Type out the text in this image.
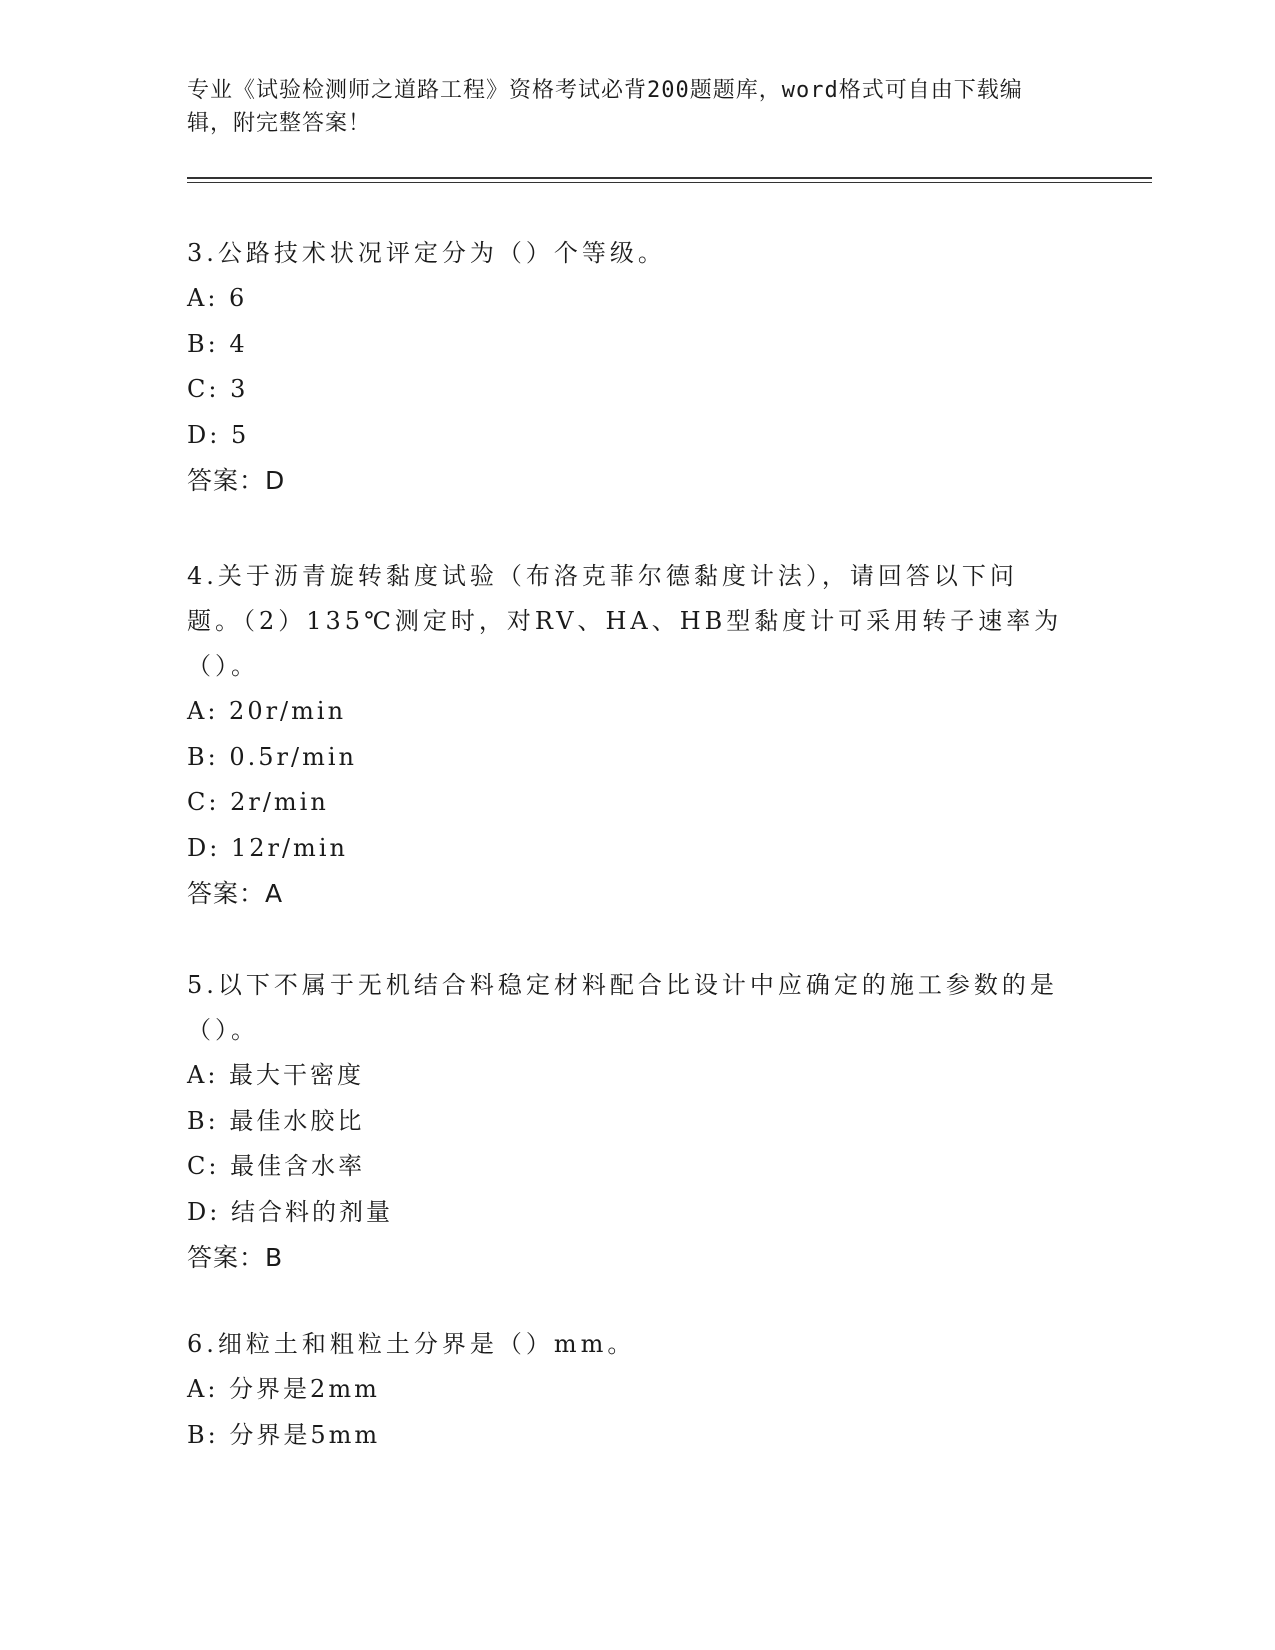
专业《试验检测师之道路工程》资格考试必背200题题库，word格式可自由下载编辑，附完整答案！

3.公路技术状况评定分为（）个等级。

A: 6

B: 4

C: 3

D: 5

答案：D

4.关于沥青旋转黏度试验（布洛克菲尔德黏度计法），请回答以下问题。（2）135℃测定时，对RV、HA、HB型黏度计可采用转子速率为（）。

A: 20r/min

B: 0.5r/min

C: 2r/min

D: 12r/min

答案：A

5.以下不属于无机结合料稳定材料配合比设计中应确定的施工参数的是（）。

A: 最大干密度

B: 最佳水胶比

C: 最佳含水率

D: 结合料的剂量

答案：B

6.细粒土和粗粒土分界是（）mm。

A: 分界是2mm

B: 分界是5mm
